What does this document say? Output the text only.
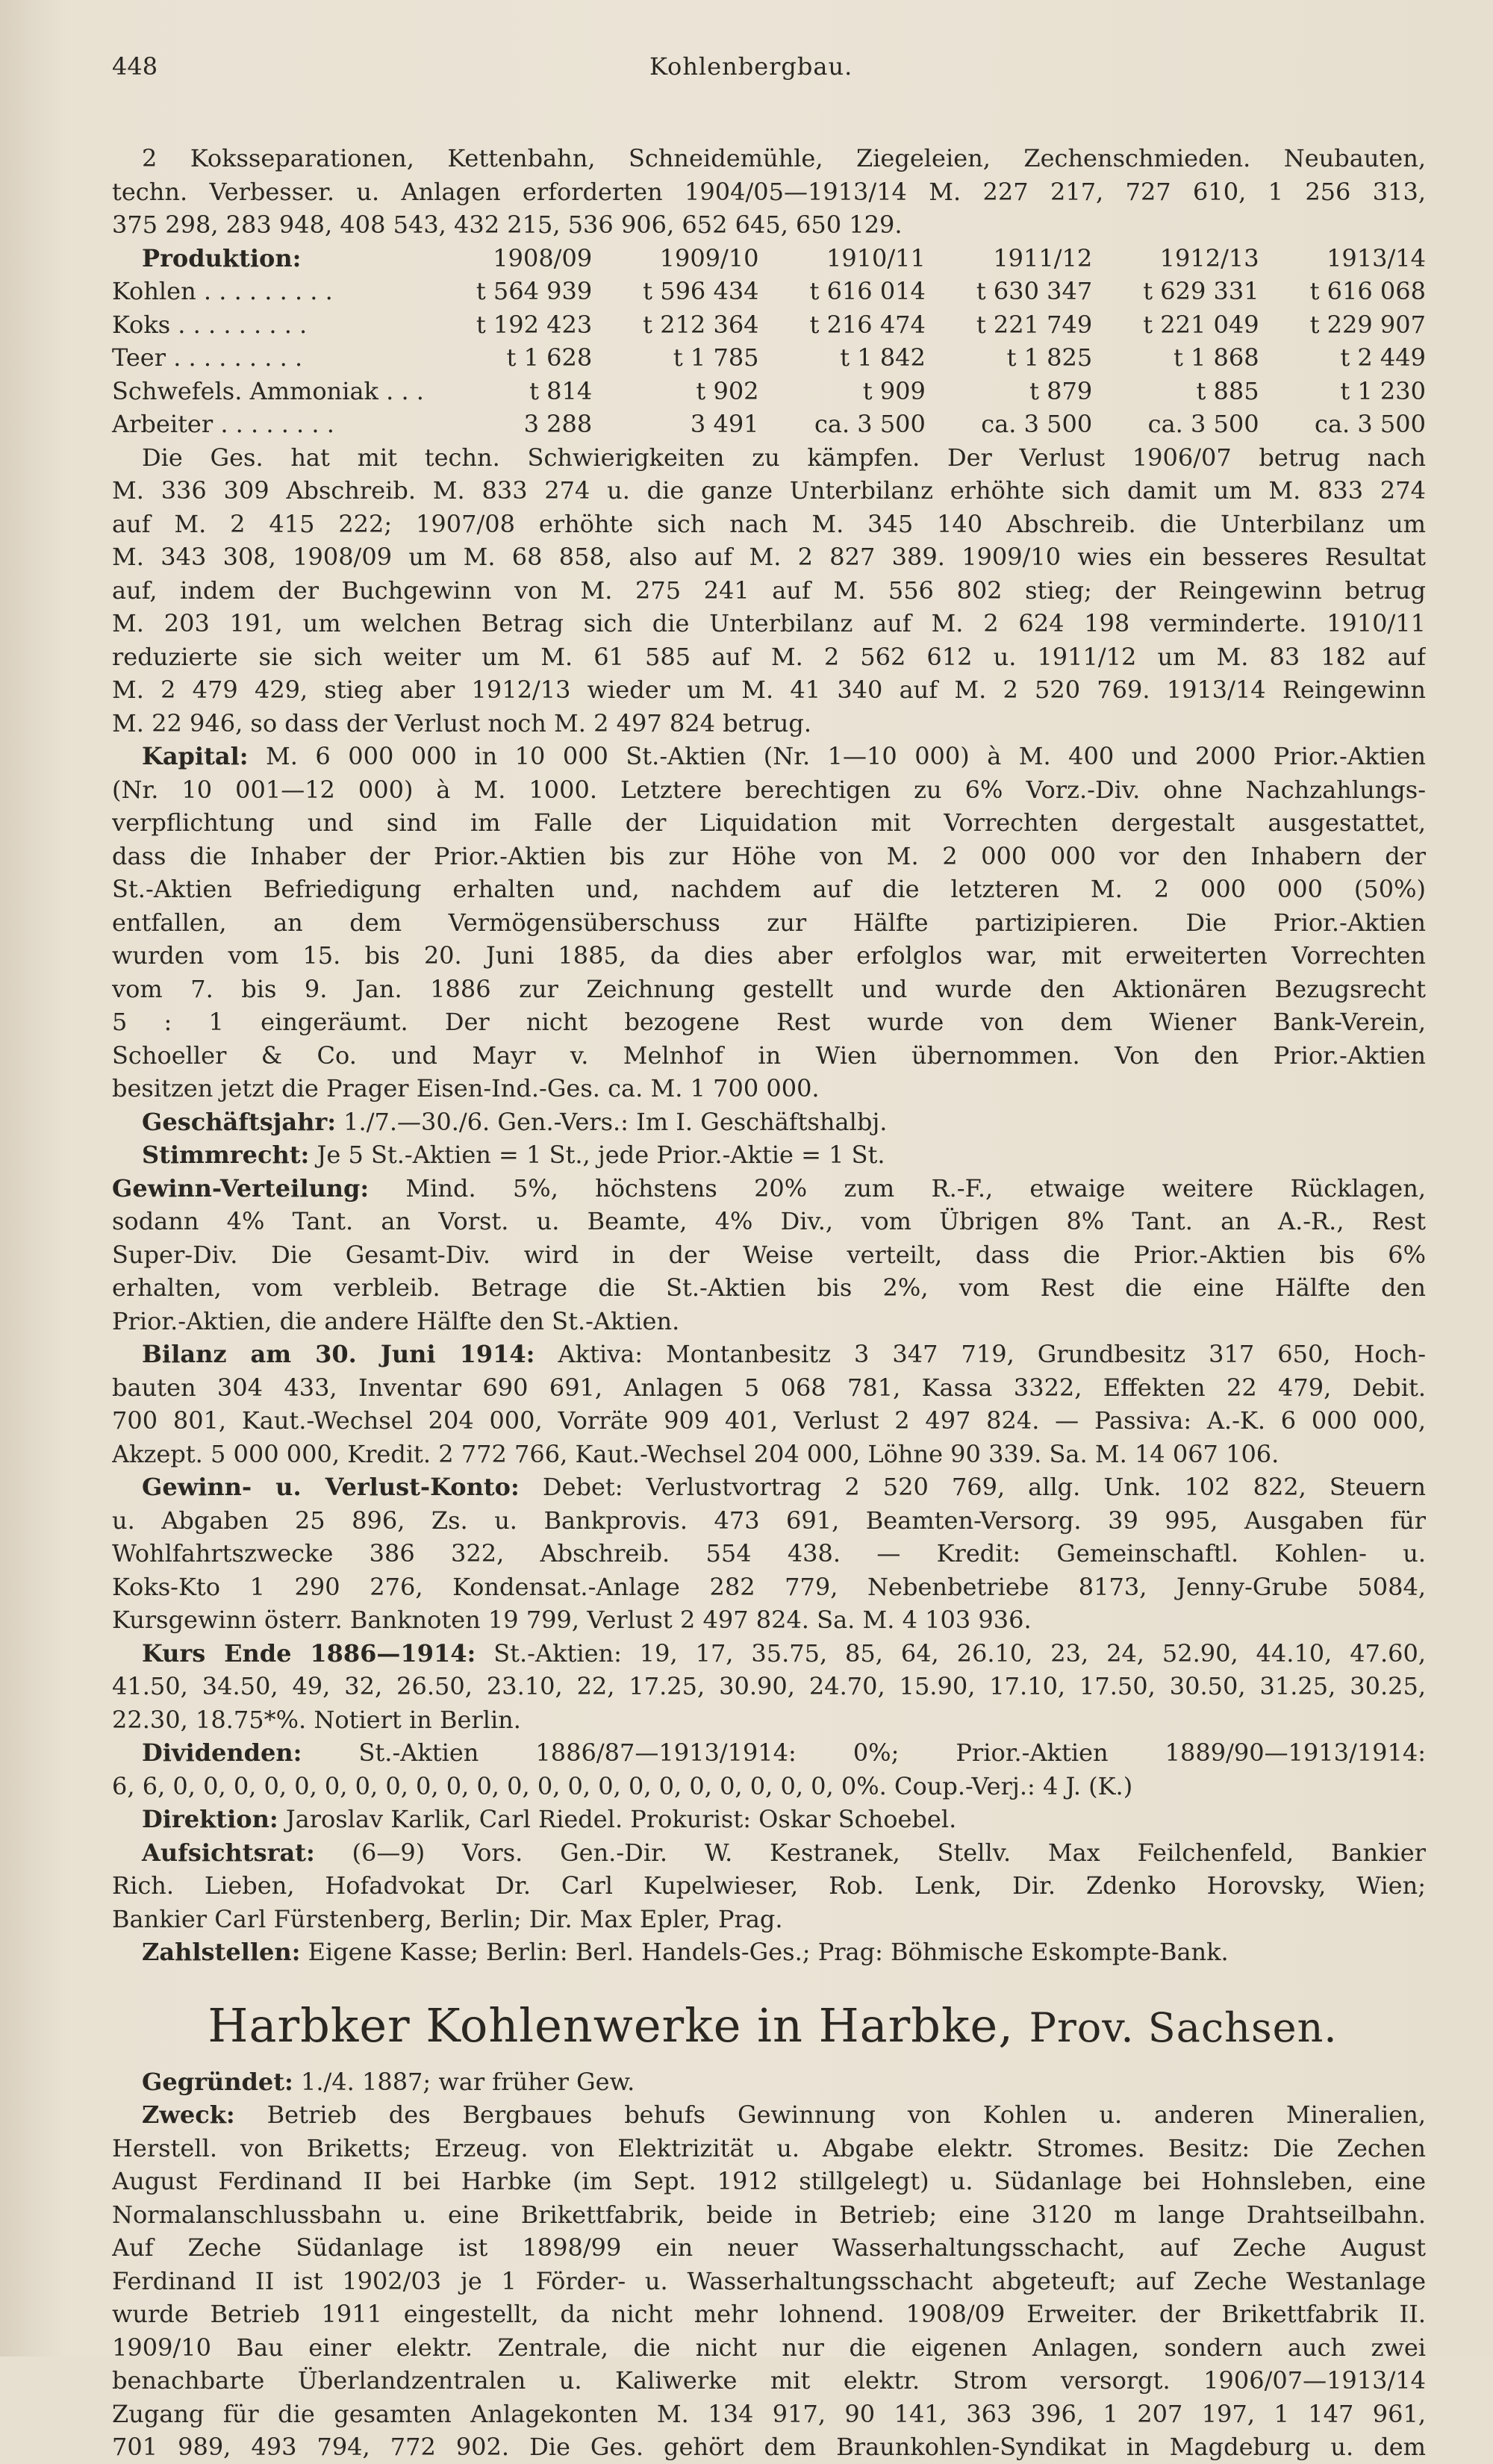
448	Kohlenbergbau.
2 Koksseparationen, Kettenbahn, Schneidemühle, Ziegeleien, Zechenschmieden. Neubauten,
techn. Verbesser. u. Anlagen erforderten 1904/05—1913/14 M. 227 217, 727 610, 1 256 313,
375 298, 283 948, 408 543, 432 215, 536 906, 652 645, 650 129.
Produktion:	1908/09	1909/10	1910/11	1911/12	1912/13	1913/14
Kohlen . . . . . . . . .	t 564 939	t 596 434	t 616 014	t 630 347	t 629 331	t 616 068
Koks . . . . . . . . .	t 192 423	t 212 364	t 216 474	t 221 749	t 221 049	t 229 907
Teer . . . . . . . . .	t 1 628	t 1 785	t 1 842	t 1 825	t 1 868	t 2 449
Schwefels. Ammoniak . . .	t 814	t 902	t 909	t 879	t 885	t 1 230
Arbeiter . . . . . . . .	3 288	3 491	ca. 3 500	ca. 3 500	ca. 3 500	ca. 3 500
Die Ges. hat mit techn. Schwierigkeiten zu kämpfen. Der Verlust 1906/07 betrug nach
M. 336 309 Abschreib. M. 833 274 u. die ganze Unterbilanz erhöhte sich damit um M. 833 274
auf M. 2 415 222; 1907/08 erhöhte sich nach M. 345 140 Abschreib. die Unterbilanz um
M. 343 308, 1908/09 um M. 68 858, also auf M. 2 827 389. 1909/10 wies ein besseres Resultat
auf, indem der Buchgewinn von M. 275 241 auf M. 556 802 stieg; der Reingewinn betrug
M. 203 191, um welchen Betrag sich die Unterbilanz auf M. 2 624 198 verminderte. 1910/11
reduzierte sie sich weiter um M. 61 585 auf M. 2 562 612 u. 1911/12 um M. 83 182 auf
M. 2 479 429, stieg aber 1912/13 wieder um M. 41 340 auf M. 2 520 769. 1913/14 Reingewinn
M. 22 946, so dass der Verlust noch M. 2 497 824 betrug.
Kapital: M. 6 000 000 in 10 000 St.-Aktien (Nr. 1—10 000) à M. 400 und 2000 Prior.-Aktien
(Nr. 10 001—12 000) à M. 1000. Letztere berechtigen zu 6% Vorz.-Div. ohne Nachzahlungs-
verpflichtung und sind im Falle der Liquidation mit Vorrechten dergestalt ausgestattet,
dass die Inhaber der Prior.-Aktien bis zur Höhe von M. 2 000 000 vor den Inhabern der
St.-Aktien Befriedigung erhalten und, nachdem auf die letzteren M. 2 000 000 (50%)
entfallen, an dem Vermögensüberschuss zur Hälfte partizipieren. Die Prior.-Aktien
wurden vom 15. bis 20. Juni 1885, da dies aber erfolglos war, mit erweiterten Vorrechten
vom 7. bis 9. Jan. 1886 zur Zeichnung gestellt und wurde den Aktionären Bezugsrecht
5 : 1 eingeräumt. Der nicht bezogene Rest wurde von dem Wiener Bank-Verein,
Schoeller & Co. und Mayr v. Melnhof in Wien übernommen. Von den Prior.-Aktien
besitzen jetzt die Prager Eisen-Ind.-Ges. ca. M. 1 700 000.
Geschäftsjahr: 1./7.—30./6. Gen.-Vers.: Im I. Geschäftshalbj.
Stimmrecht: Je 5 St.-Aktien = 1 St., jede Prior.-Aktie = 1 St.
Gewinn-Verteilung: Mind. 5%, höchstens 20% zum R.-F., etwaige weitere Rücklagen,
sodann 4% Tant. an Vorst. u. Beamte, 4% Div., vom Übrigen 8% Tant. an A.-R., Rest
Super-Div. Die Gesamt-Div. wird in der Weise verteilt, dass die Prior.-Aktien bis 6%
erhalten, vom verbleib. Betrage die St.-Aktien bis 2%, vom Rest die eine Hälfte den
Prior.-Aktien, die andere Hälfte den St.-Aktien.
Bilanz am 30. Juni 1914: Aktiva: Montanbesitz 3 347 719, Grundbesitz 317 650, Hoch-
bauten 304 433, Inventar 690 691, Anlagen 5 068 781, Kassa 3322, Effekten 22 479, Debit.
700 801, Kaut.-Wechsel 204 000, Vorräte 909 401, Verlust 2 497 824. — Passiva: A.-K. 6 000 000,
Akzept. 5 000 000, Kredit. 2 772 766, Kaut.-Wechsel 204 000, Löhne 90 339. Sa. M. 14 067 106.
Gewinn- u. Verlust-Konto: Debet: Verlustvortrag 2 520 769, allg. Unk. 102 822, Steuern
u. Abgaben 25 896, Zs. u. Bankprovis. 473 691, Beamten-Versorg. 39 995, Ausgaben für
Wohlfahrtszwecke 386 322, Abschreib. 554 438. — Kredit: Gemeinschaftl. Kohlen- u.
Koks-Kto 1 290 276, Kondensat.-Anlage 282 779, Nebenbetriebe 8173, Jenny-Grube 5084,
Kursgewinn österr. Banknoten 19 799, Verlust 2 497 824. Sa. M. 4 103 936.
Kurs Ende 1886—1914: St.-Aktien: 19, 17, 35.75, 85, 64, 26.10, 23, 24, 52.90, 44.10, 47.60,
41.50, 34.50, 49, 32, 26.50, 23.10, 22, 17.25, 30.90, 24.70, 15.90, 17.10, 17.50, 30.50, 31.25, 30.25,
22.30, 18.75*%. Notiert in Berlin.
Dividenden: St.-Aktien 1886/87—1913/1914: 0%; Prior.-Aktien 1889/90—1913/1914:
6, 6, 0, 0, 0, 0, 0, 0, 0, 0, 0, 0, 0, 0, 0, 0, 0, 0, 0, 0, 0, 0, 0, 0, 0%. Coup.-Verj.: 4 J. (K.)
Direktion: Jaroslav Karlik, Carl Riedel. Prokurist: Oskar Schoebel.
Aufsichtsrat: (6—9) Vors. Gen.-Dir. W. Kestranek, Stellv. Max Feilchenfeld, Bankier
Rich. Lieben, Hofadvokat Dr. Carl Kupelwieser, Rob. Lenk, Dir. Zdenko Horovsky, Wien;
Bankier Carl Fürstenberg, Berlin; Dir. Max Epler, Prag.
Zahlstellen: Eigene Kasse; Berlin: Berl. Handels-Ges.; Prag: Böhmische Eskompte-Bank.
Harbker Kohlenwerke in Harbke, Prov. Sachsen.
Gegründet: 1./4. 1887; war früher Gew.
Zweck: Betrieb des Bergbaues behufs Gewinnung von Kohlen u. anderen Mineralien,
Herstell. von Briketts; Erzeug. von Elektrizität u. Abgabe elektr. Stromes. Besitz: Die Zechen
August Ferdinand II bei Harbke (im Sept. 1912 stillgelegt) u. Südanlage bei Hohnsleben, eine
Normalanschlussbahn u. eine Brikettfabrik, beide in Betrieb; eine 3120 m lange Drahtseilbahn.
Auf Zeche Südanlage ist 1898/99 ein neuer Wasserhaltungsschacht, auf Zeche August
Ferdinand II ist 1902/03 je 1 Förder- u. Wasserhaltungsschacht abgeteuft; auf Zeche Westanlage
wurde Betrieb 1911 eingestellt, da nicht mehr lohnend. 1908/09 Erweiter. der Brikettfabrik II.
1909/10 Bau einer elektr. Zentrale, die nicht nur die eigenen Anlagen, sondern auch zwei
benachbarte Überlandzentralen u. Kaliwerke mit elektr. Strom versorgt. 1906/07—1913/14
Zugang für die gesamten Anlagekonten M. 134 917, 90 141, 363 396, 1 207 197, 1 147 961,
701 989, 493 794, 772 902. Die Ges. gehört dem Braunkohlen-Syndikat in Magdeburg u. dem
